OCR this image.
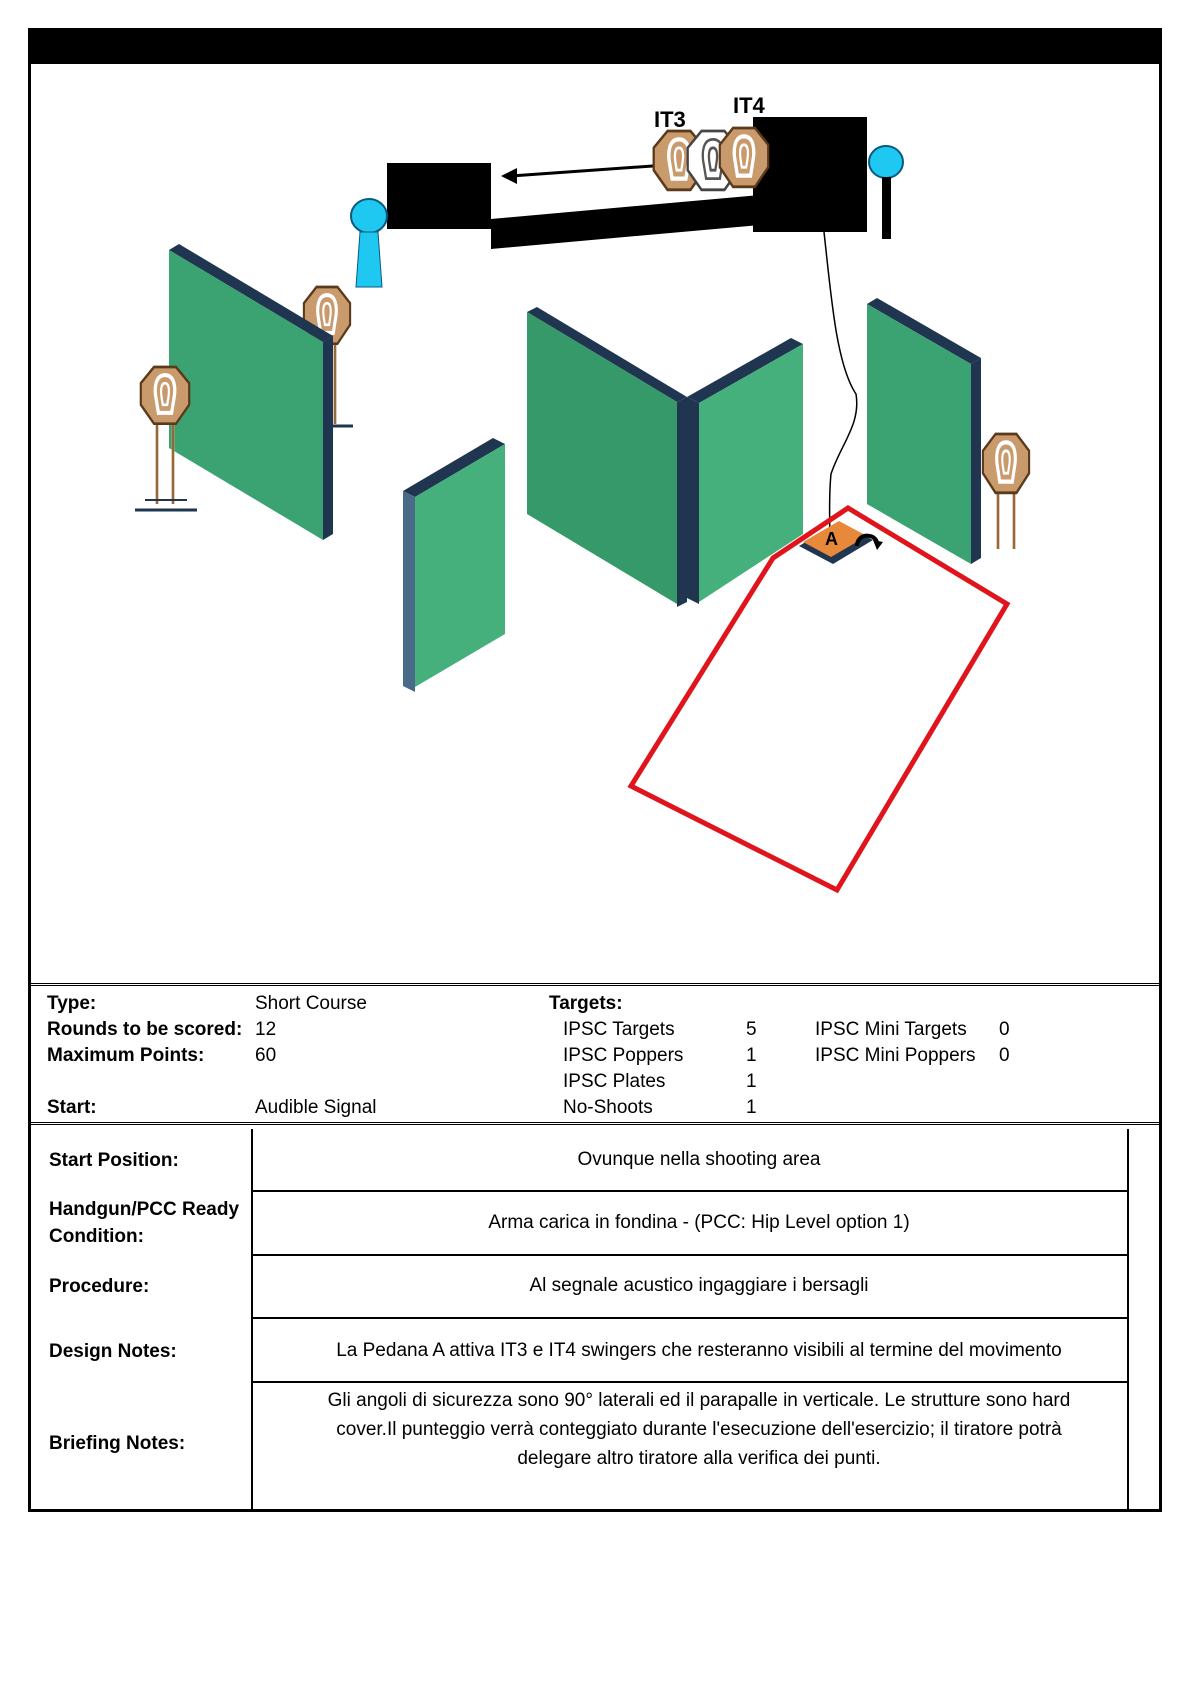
IT3
IT4
A
Type:	Short Course
Rounds to be scored: 12
Maximum Points:	60
Start:	Audible Signal
Targets:
IPSC Targets	5
IPSC Poppers	1
IPSC Plates	1
No-Shoots	1
IPSC Mini Targets 0
IPSC Mini Poppers 0
Start Position:	Ovunque nella shooting area
Handgun/PCC Ready
Condition:
Arma carica in fondina - (PCC: Hip Level option 1)
Procedure:	Al segnale acustico ingaggiare i bersagli
Design Notes:	La Pedana A attiva IT3 e IT4 swingers che resteranno visibili al termine del movimento
Briefing Notes:
Gli angoli di sicurezza sono 90° laterali ed il parapalle in verticale. Le strutture sono hard
cover.Il punteggio verrà conteggiato durante l'esecuzione dell'esercizio; il tiratore potrà
delegare altro tiratore alla verifica dei punti.
